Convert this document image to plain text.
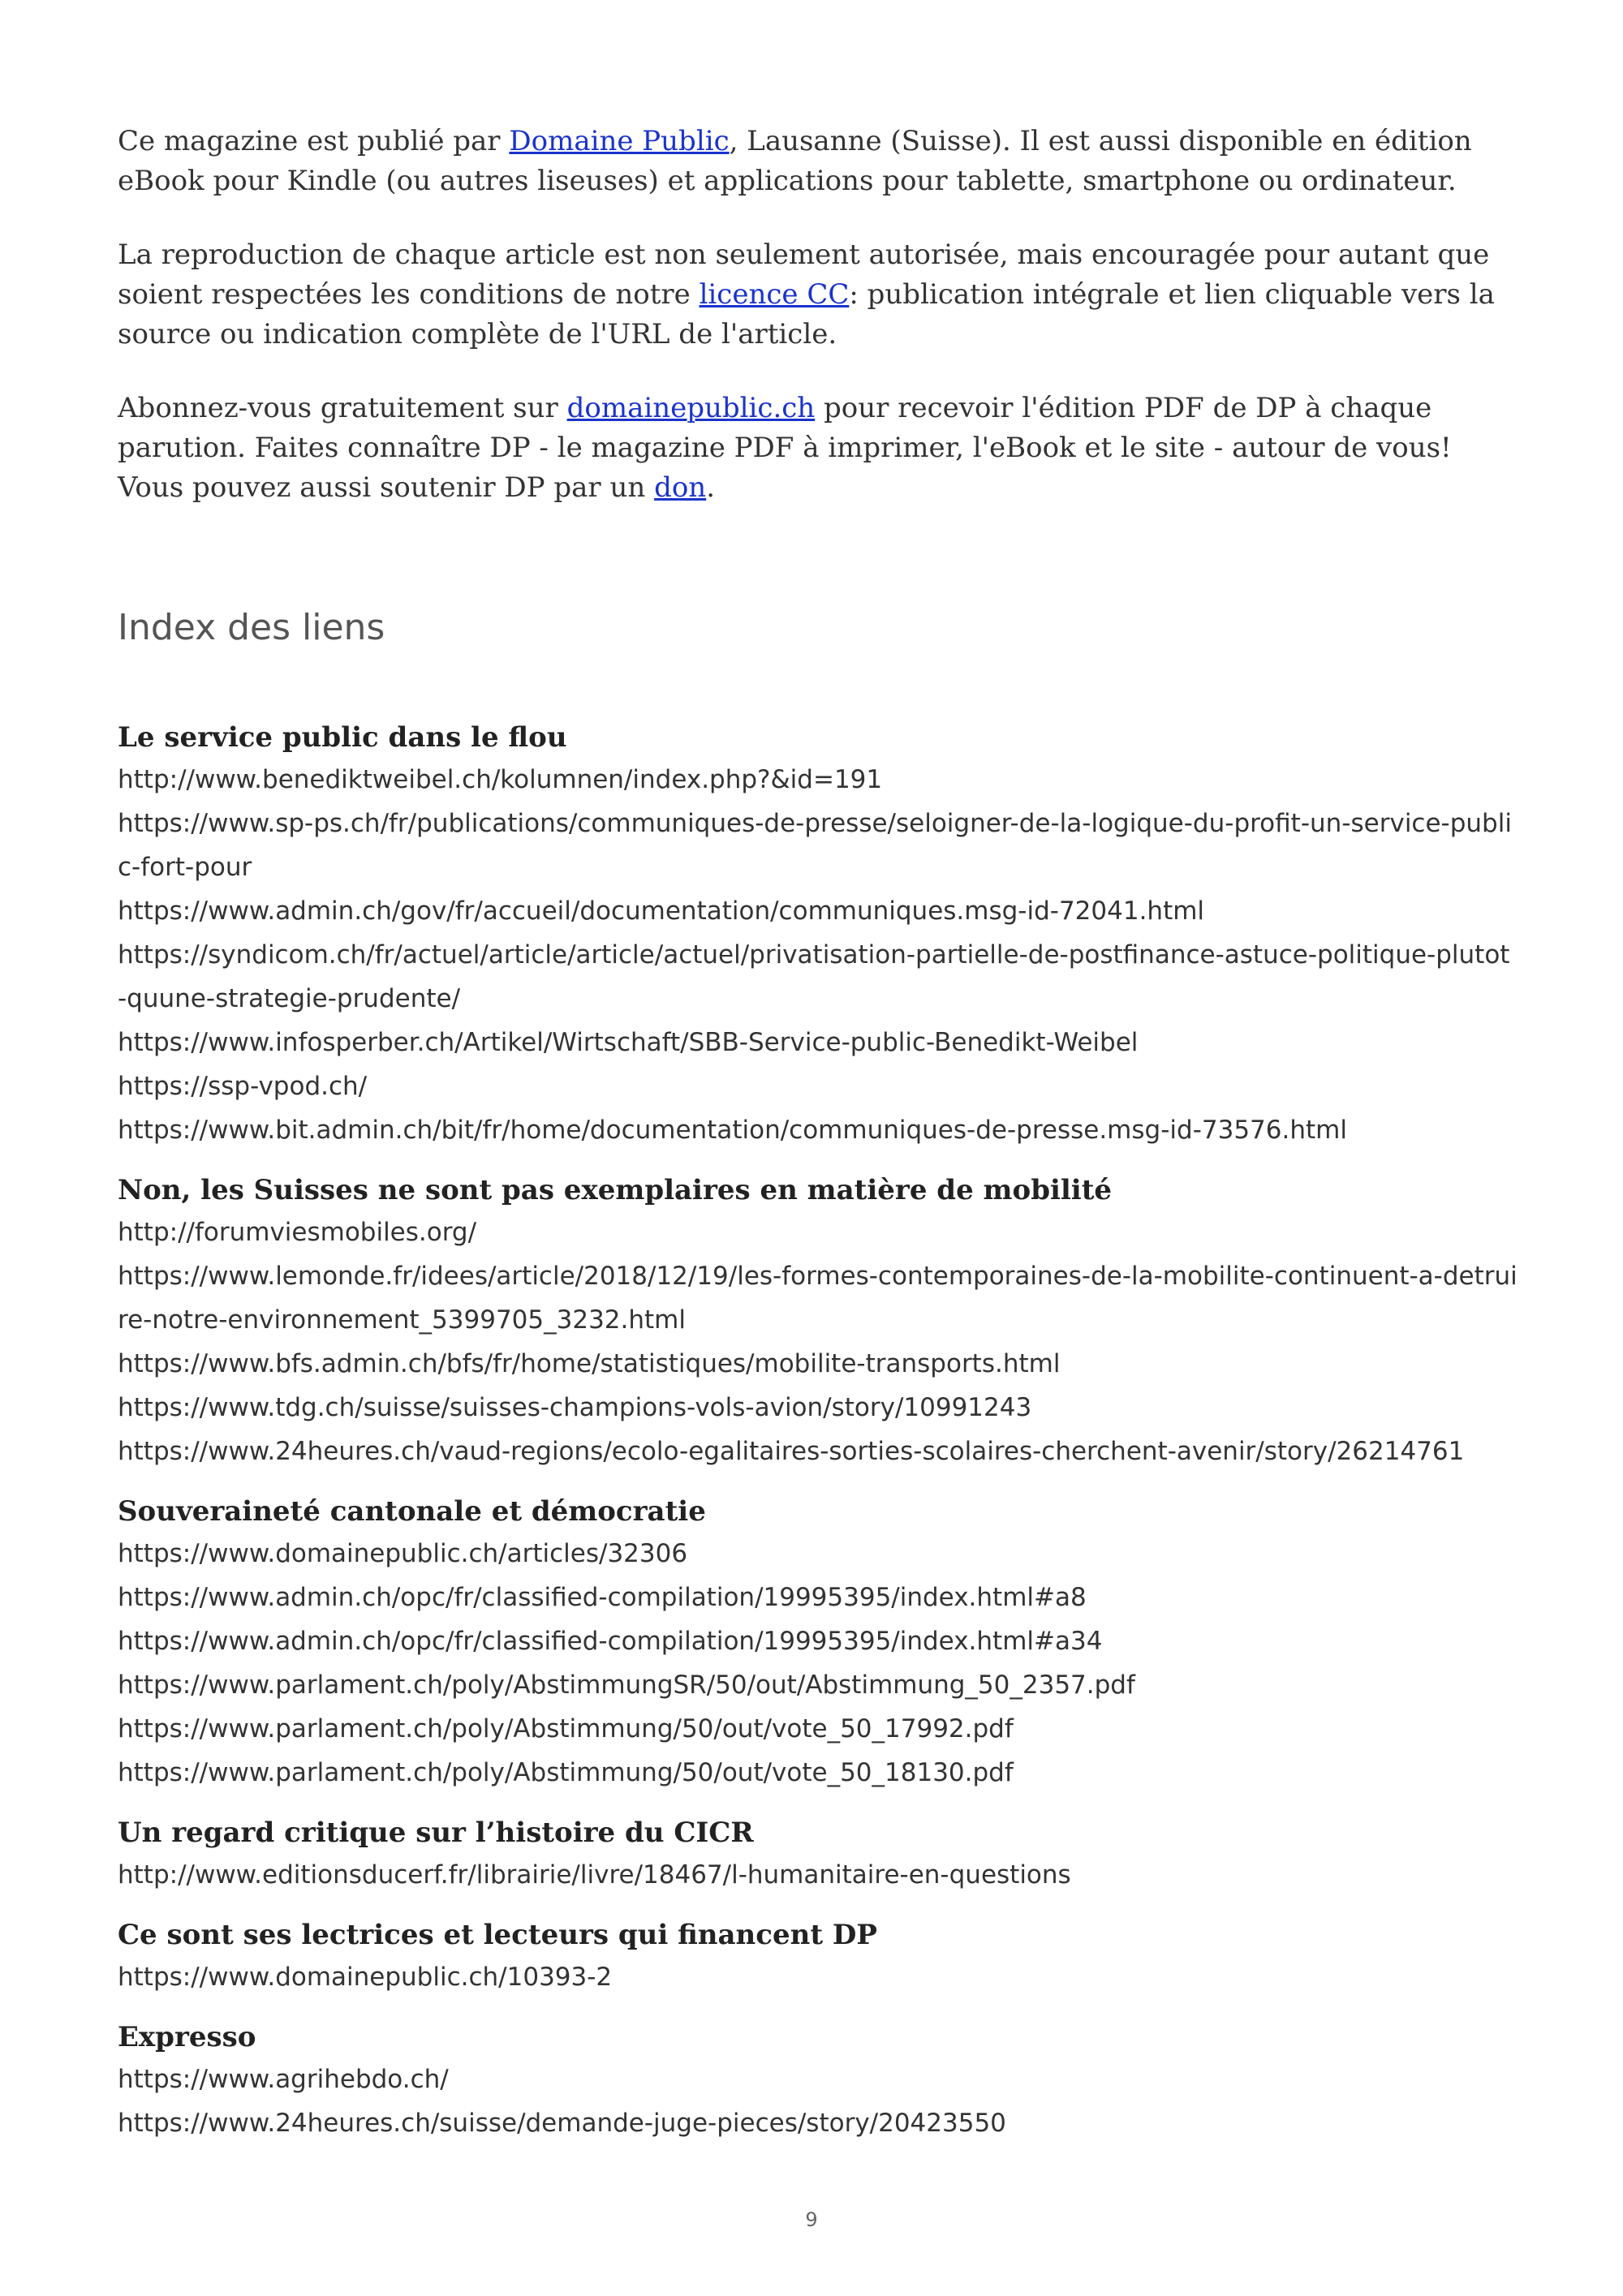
Ce magazine est publié par Domaine Public, Lausanne (Suisse). Il est aussi disponible en édition eBook pour Kindle (ou autres liseuses) et applications pour tablette, smartphone ou ordinateur.

La reproduction de chaque article est non seulement autorisée, mais encouragée pour autant que soient respectées les conditions de notre licence CC: publication intégrale et lien cliquable vers la source ou indication complète de l'URL de l'article.

Abonnez-vous gratuitement sur domainepublic.ch pour recevoir l'édition PDF de DP à chaque parution. Faites connaître DP - le magazine PDF à imprimer, l'eBook et le site - autour de vous! Vous pouvez aussi soutenir DP par un don.

Index des liens
Le service public dans le flou
http://www.benediktweibel.ch/kolumnen/index.php?&id=191
https://www.sp-ps.ch/fr/publications/communiques-de-presse/seloigner-de-la-logique-du-profit-un-service-public-fort-pour
https://www.admin.ch/gov/fr/accueil/documentation/communiques.msg-id-72041.html
https://syndicom.ch/fr/actuel/article/article/actuel/privatisation-partielle-de-postfinance-astuce-politique-plutot-quune-strategie-prudente/
https://www.infosperber.ch/Artikel/Wirtschaft/SBB-Service-public-Benedikt-Weibel
https://ssp-vpod.ch/
https://www.bit.admin.ch/bit/fr/home/documentation/communiques-de-presse.msg-id-73576.html
Non, les Suisses ne sont pas exemplaires en matière de mobilité
http://forumviesmobiles.org/
https://www.lemonde.fr/idees/article/2018/12/19/les-formes-contemporaines-de-la-mobilite-continuent-a-detruire-notre-environnement_5399705_3232.html
https://www.bfs.admin.ch/bfs/fr/home/statistiques/mobilite-transports.html
https://www.tdg.ch/suisse/suisses-champions-vols-avion/story/10991243
https://www.24heures.ch/vaud-regions/ecolo-egalitaires-sorties-scolaires-cherchent-avenir/story/26214761
Souveraineté cantonale et démocratie
https://www.domainepublic.ch/articles/32306
https://www.admin.ch/opc/fr/classified-compilation/19995395/index.html#a8
https://www.admin.ch/opc/fr/classified-compilation/19995395/index.html#a34
https://www.parlament.ch/poly/AbstimmungSR/50/out/Abstimmung_50_2357.pdf
https://www.parlament.ch/poly/Abstimmung/50/out/vote_50_17992.pdf
https://www.parlament.ch/poly/Abstimmung/50/out/vote_50_18130.pdf
Un regard critique sur l’histoire du CICR
http://www.editionsducerf.fr/librairie/livre/18467/l-humanitaire-en-questions
Ce sont ses lectrices et lecteurs qui financent DP
https://www.domainepublic.ch/10393-2
Expresso
https://www.agrihebdo.ch/
https://www.24heures.ch/suisse/demande-juge-pieces/story/20423550
9
